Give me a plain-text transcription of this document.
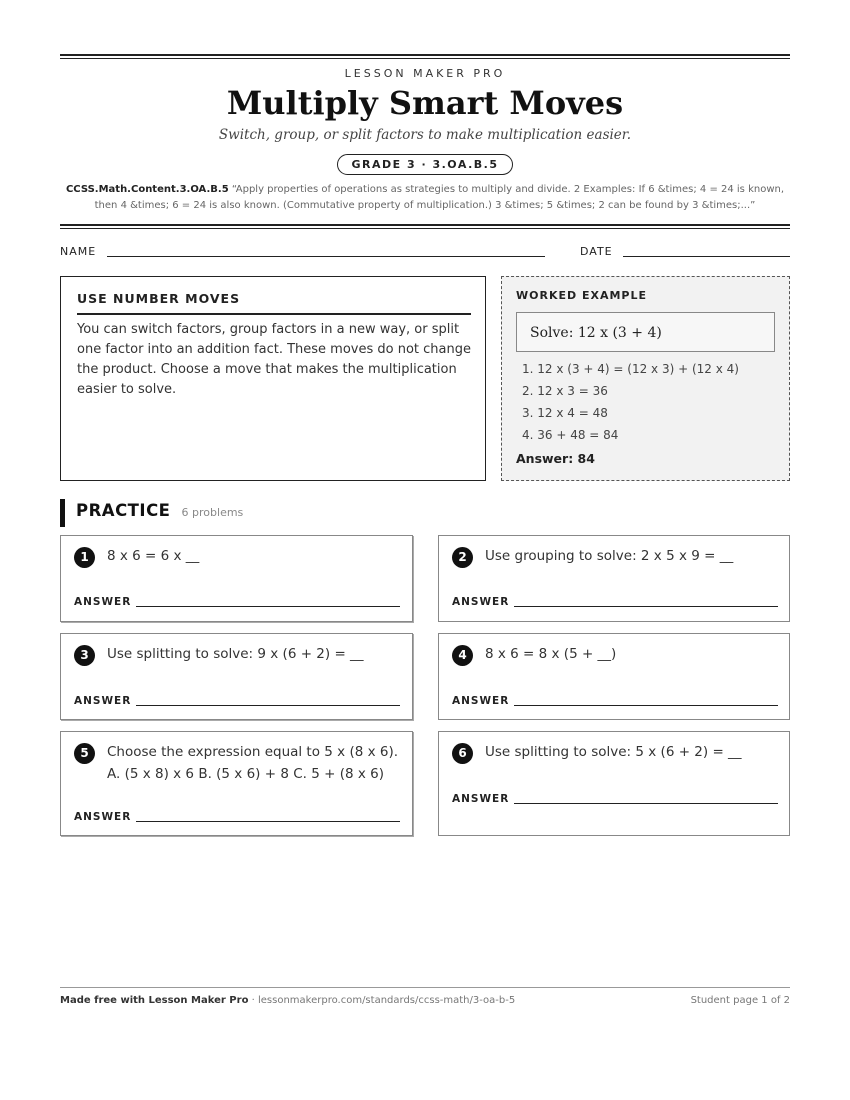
LESSON MAKER PRO
Multiply Smart Moves
Switch, group, or split factors to make multiplication easier.
GRADE 3 · 3.OA.B.5
CCSS.Math.Content.3.OA.B.5 “Apply properties of operations as strategies to multiply and divide. 2 Examples: If 6 &times; 4 = 24 is known,
then 4 &times; 6 = 24 is also known. (Commutative property of multiplication.) 3 &times; 5 &times; 2 can be found by 3 &times;...”
NAME	DATE
USE NUMBER MOVES
You can switch factors, group factors in a new way, or split one factor into an addition fact. These moves do not change the product. Choose a move that makes the multiplication easier to solve.
WORKED EXAMPLE
Solve: 12 x (3 + 4)
1. 12 x (3 + 4) = (12 x 3) + (12 x 4)
2. 12 x 3 = 36
3. 12 x 4 = 48
4. 36 + 48 = 84
Answer: 84
PRACTICE 6 problems
1	8 x 6 = 6 x __
ANSWER
2	Use grouping to solve: 2 x 5 x 9 = __
ANSWER
3	Use splitting to solve: 9 x (6 + 2) = __
ANSWER
4	8 x 6 = 8 x (5 + __)
ANSWER
5	Choose the expression equal to 5 x (8 x 6).
A. (5 x 8) x 6 B. (5 x 6) + 8 C. 5 + (8 x 6)
ANSWER
6	Use splitting to solve: 5 x (6 + 2) = __
ANSWER
Made free with Lesson Maker Pro · lessonmakerpro.com/standards/ccss-math/3-oa-b-5	Student page 1 of 2
